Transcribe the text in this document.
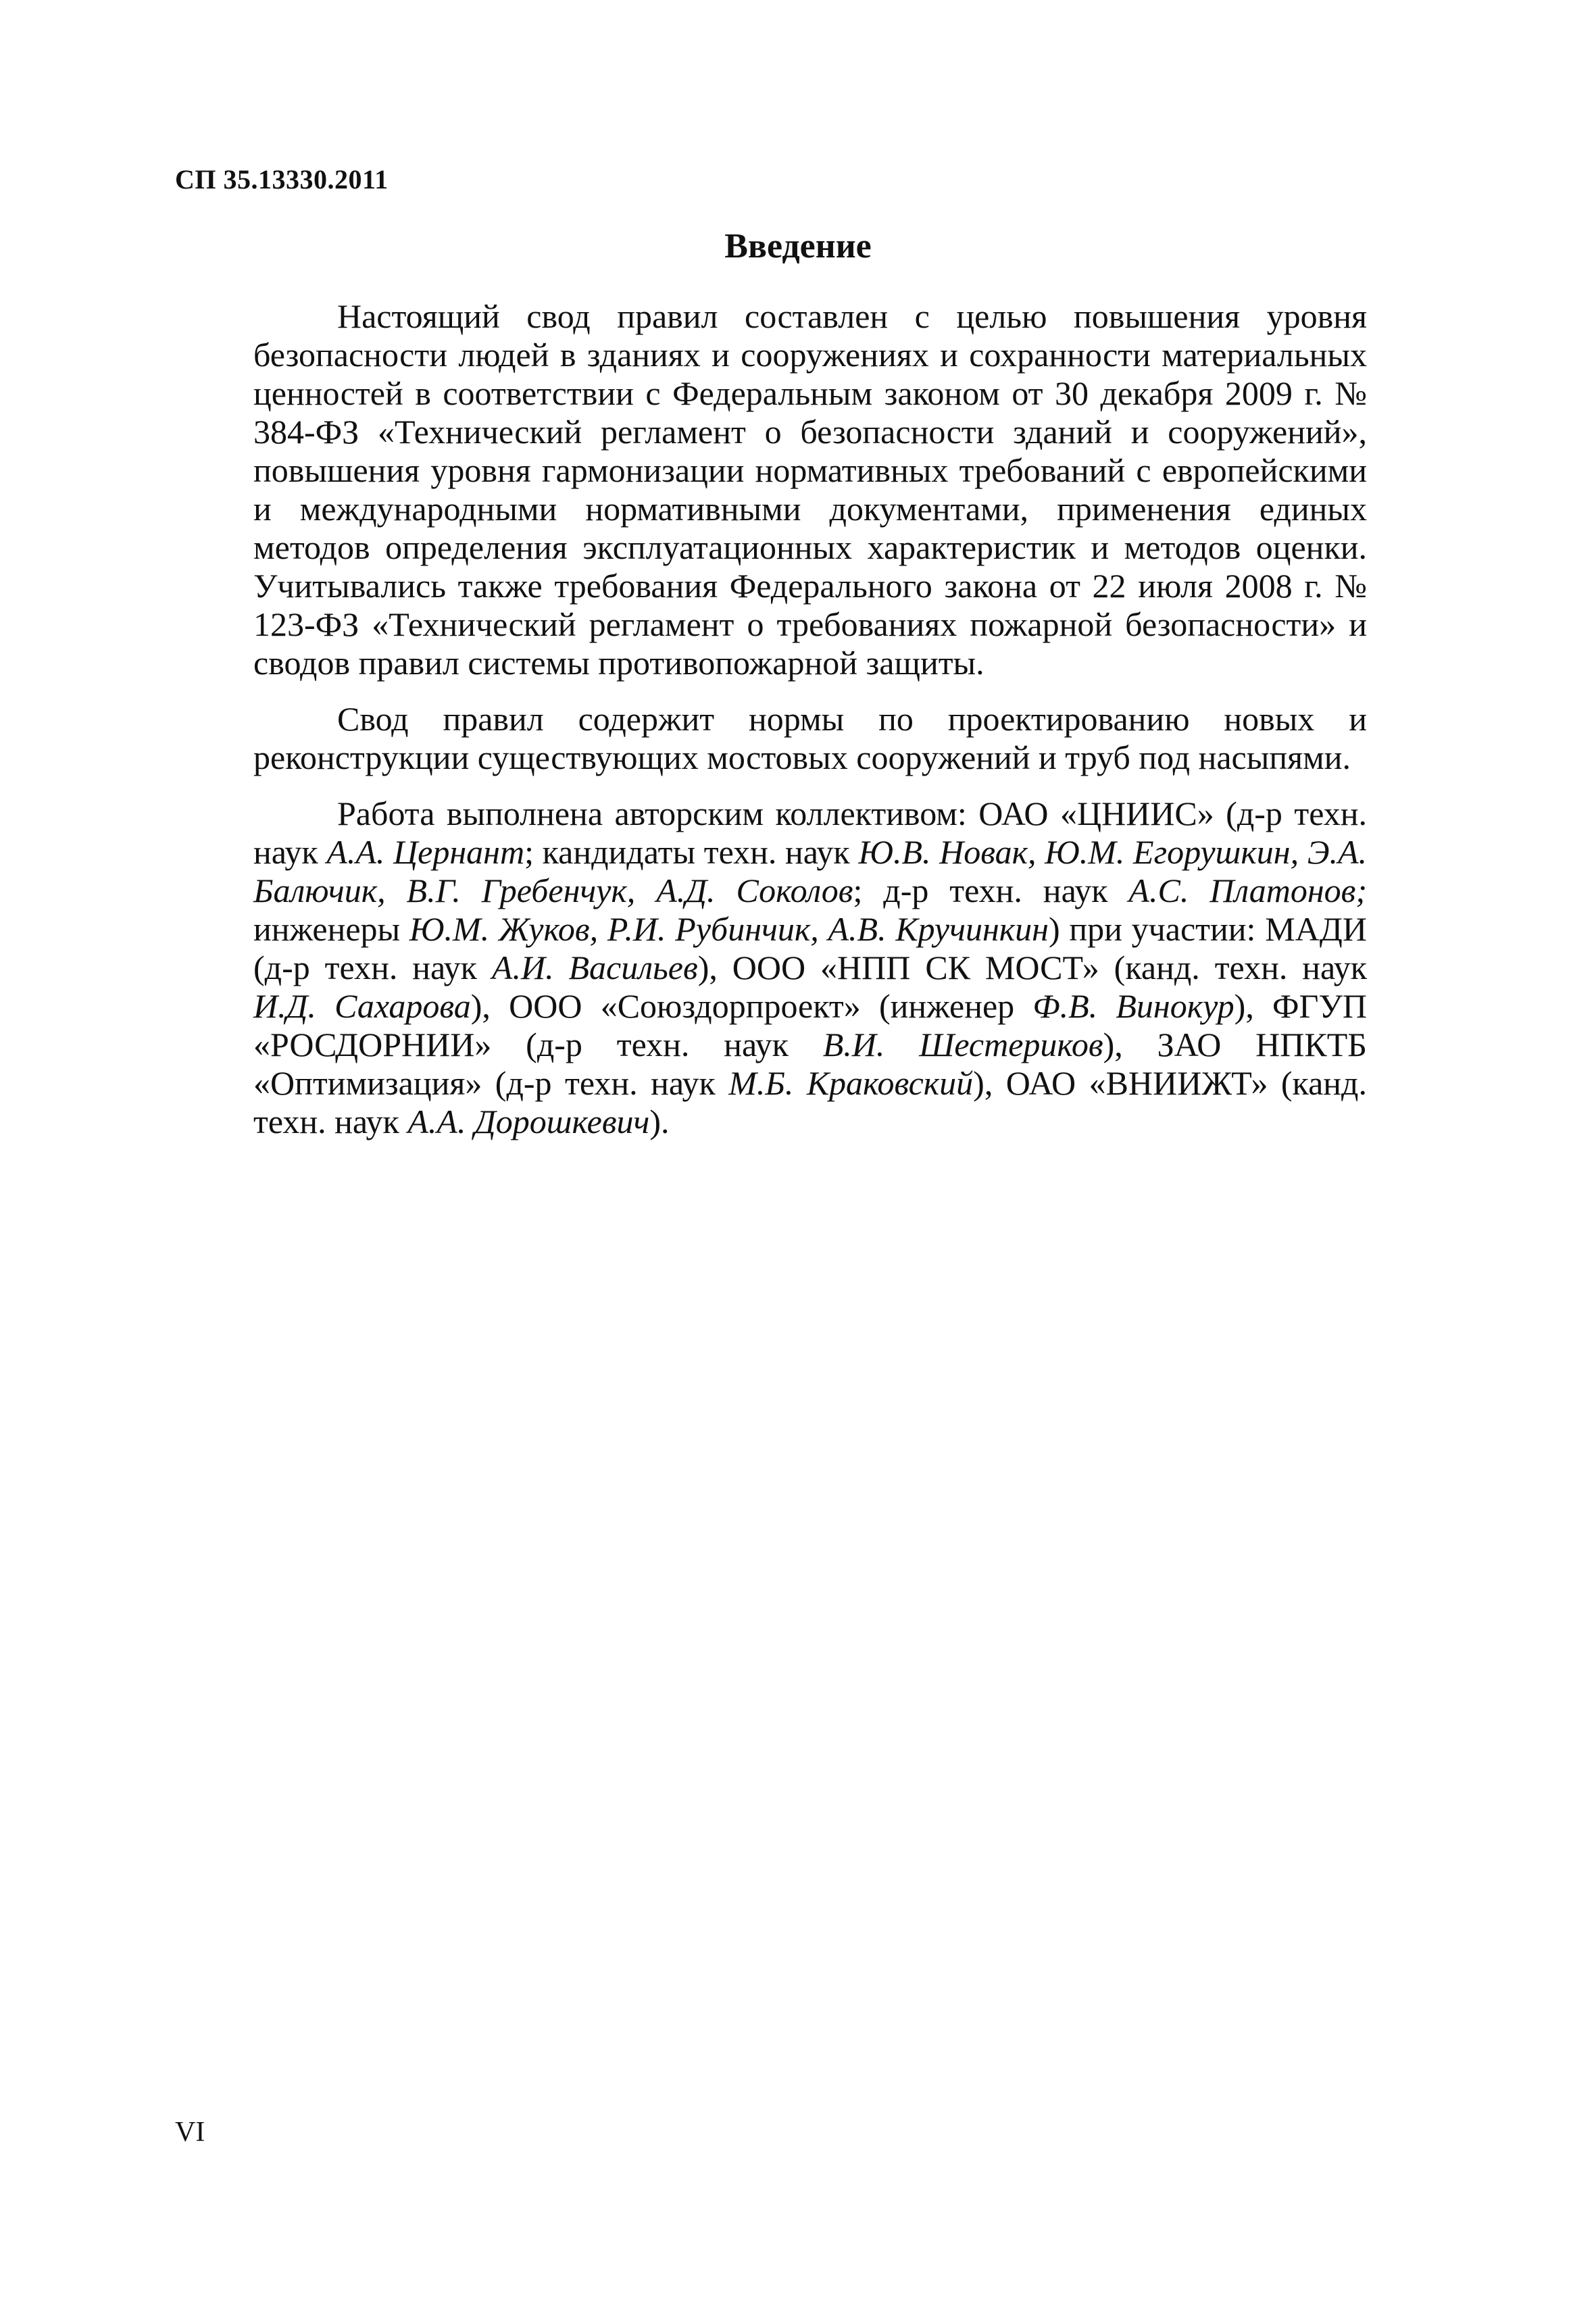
СП 35.13330.2011
Введение

Настоящий свод правил составлен с целью повышения уровня безопасности людей в зданиях и сооружениях и сохранности материальных ценностей в соответствии с Федеральным законом от 30 декабря 2009 г. № 384-ФЗ «Технический регламент о безопасности зданий и сооружений», повышения уровня гармонизации нормативных требований с европейскими и международными нормативными документами, применения единых методов определения эксплуатационных характеристик и методов оценки. Учитывались также требования Федерального закона от 22 июля 2008 г. № 123-ФЗ «Технический регламент о требованиях пожарной безопасности» и сводов правил системы противопожарной защиты.

Свод правил содержит нормы по проектированию новых и реконструкции существующих мостовых сооружений и труб под насыпями.

Работа выполнена авторским коллективом: ОАО «ЦНИИС» (д-р техн. наук А.А. Цернант; кандидаты техн. наук Ю.В. Новак, Ю.М. Егорушкин, Э.А. Балючик, В.Г. Гребенчук, А.Д. Соколов; д-р техн. наук А.С. Платонов; инженеры Ю.М. Жуков, Р.И. Рубинчик, А.В. Кручинкин) при участии: МАДИ (д-р техн. наук А.И. Васильев), ООО «НПП СК МОСТ» (канд. техн. наук И.Д. Сахарова), ООО «Союздорпроект» (инженер Ф.В. Винокур), ФГУП «РОСДОРНИИ» (д-р техн. наук В.И. Шестериков), ЗАО НПКТБ «Оптимизация» (д-р техн. наук М.Б. Краковский), ОАО «ВНИИЖТ» (канд. техн. наук А.А. Дорошкевич).

VI
